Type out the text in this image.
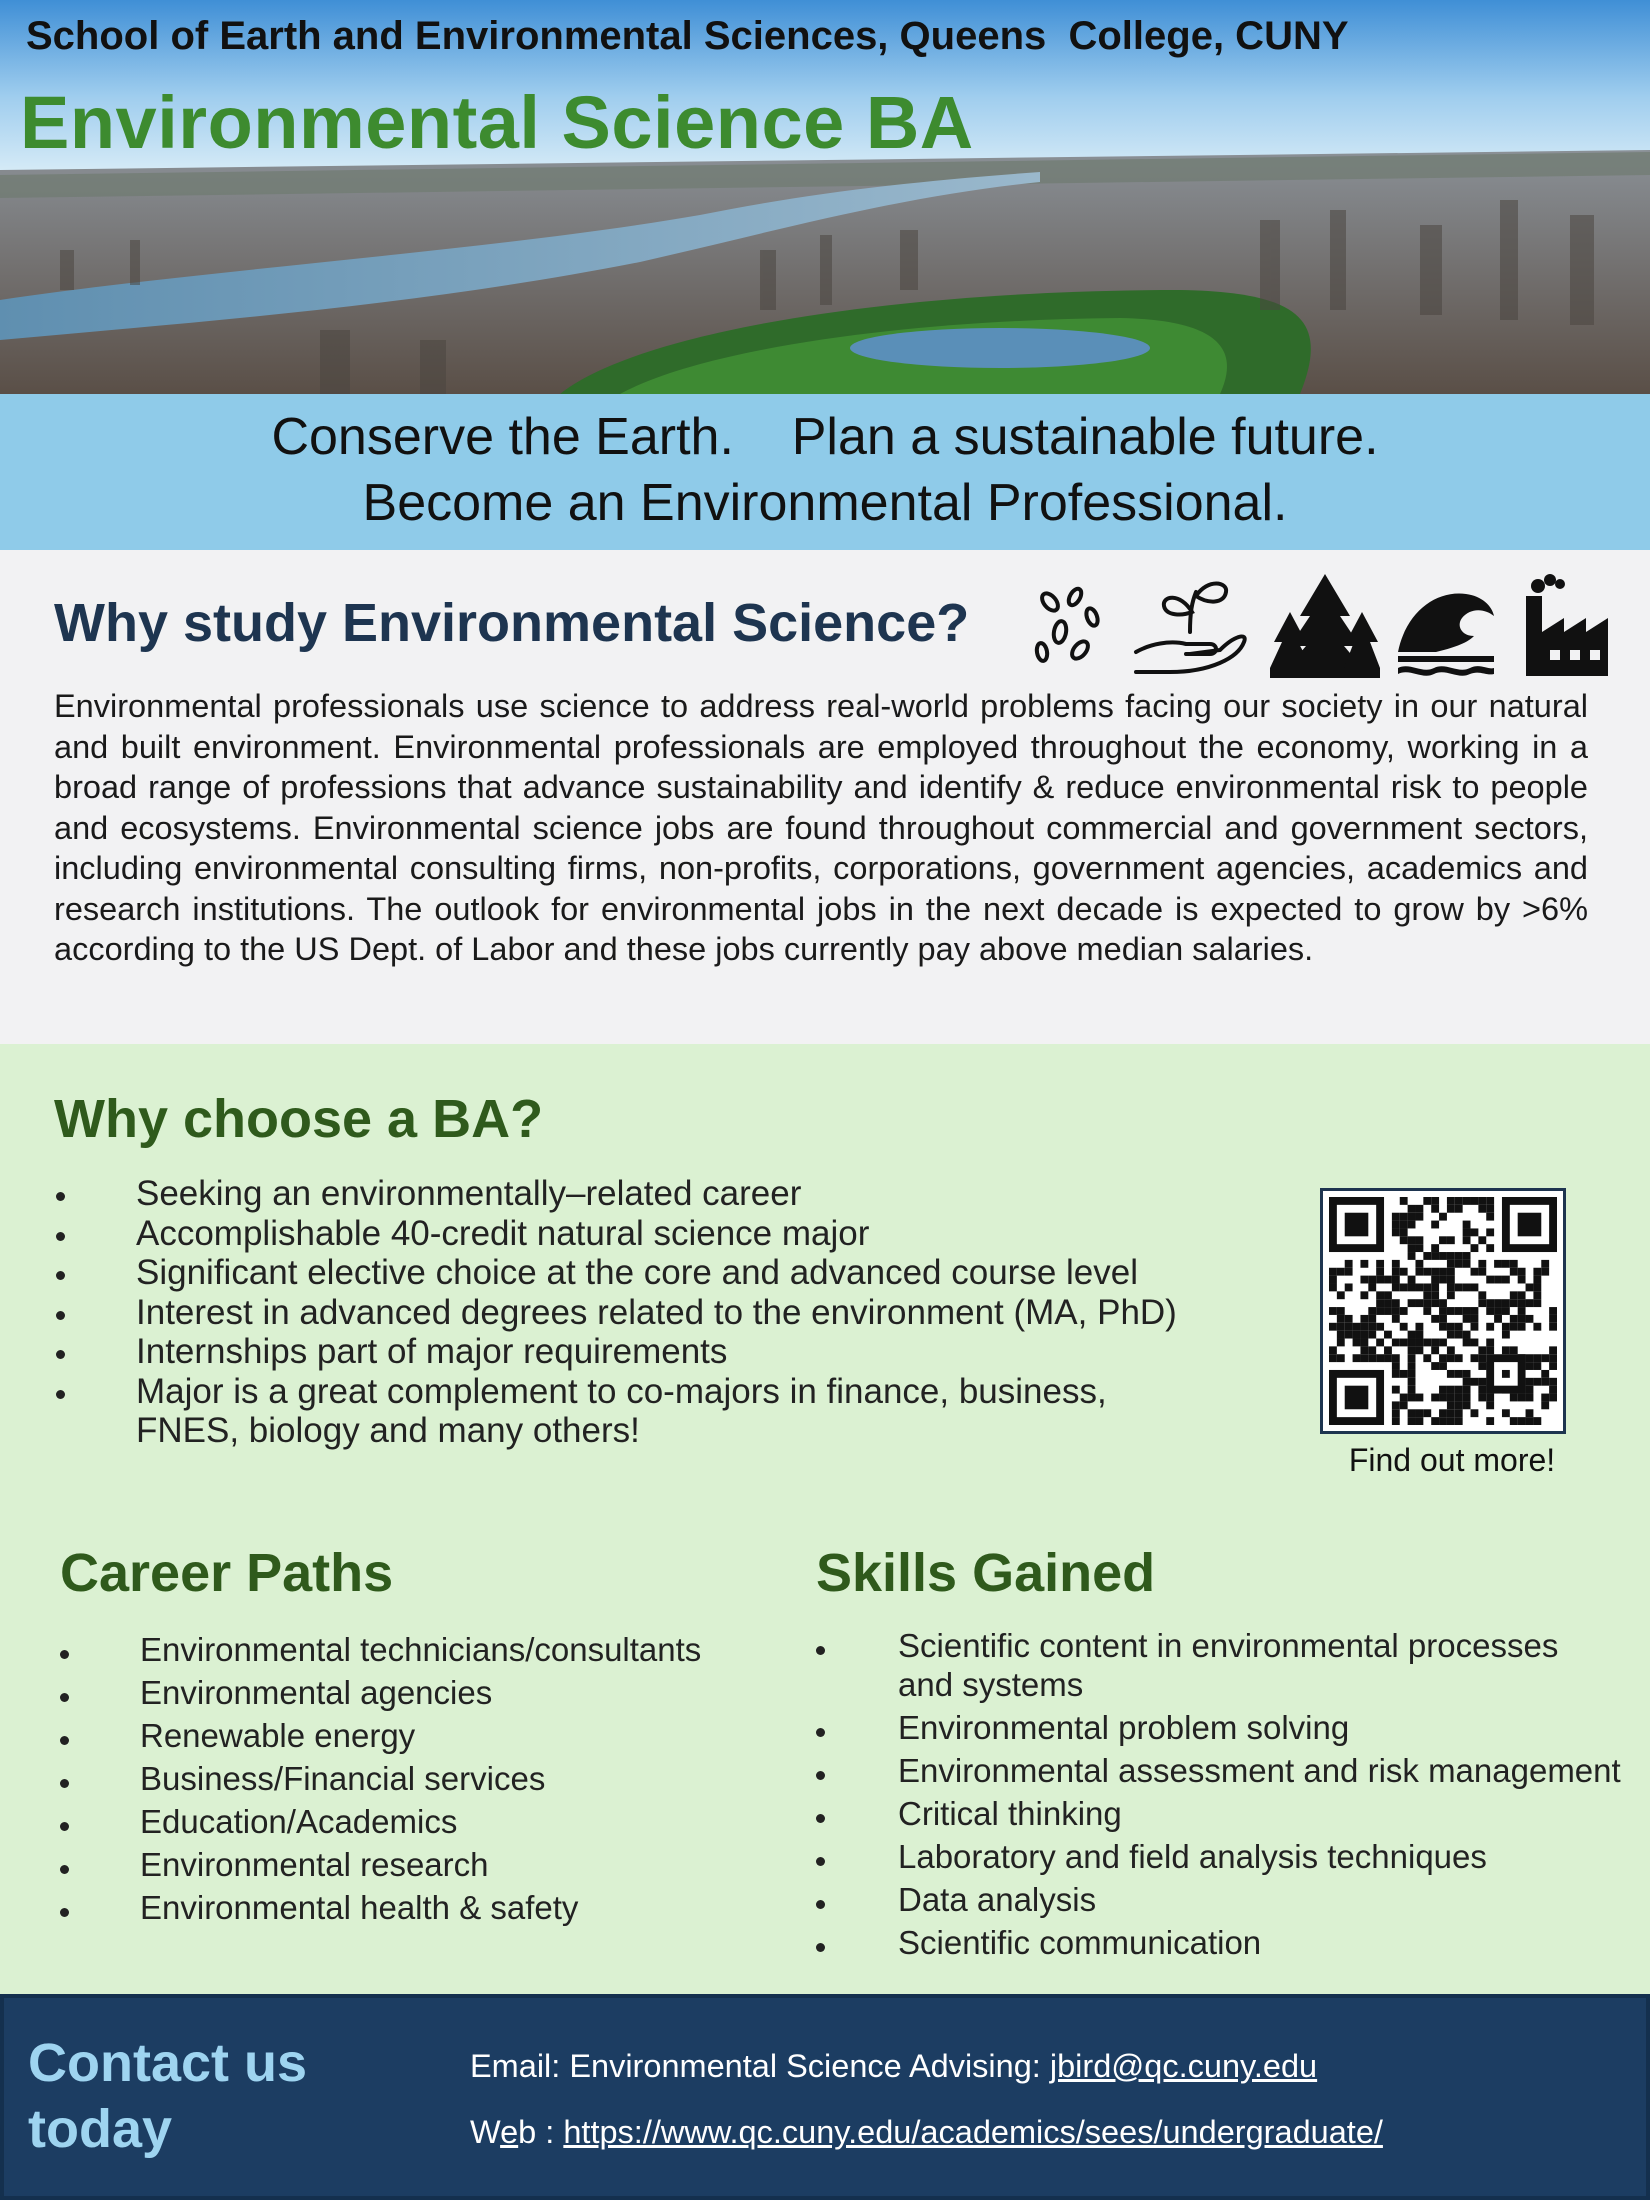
School of Earth and Environmental Sciences, Queens  College, CUNY
Environmental Science BA
Conserve the Earth.    Plan a sustainable future.
Become an Environmental Professional.
Why study Environmental Science?

Environmental professionals use science to address real-world problems facing our society in our natural and built environment. Environmental professionals are employed throughout the economy, working in a broad range of professions that advance sustainability and identify & reduce environmental risk to people and ecosystems. Environmental science jobs are found throughout commercial and government sectors, including environmental consulting firms, non-profits, corporations, government agencies, academics and research institutions. The outlook for environmental jobs in the next decade is expected to grow by >6% according to the US Dept. of Labor and these jobs currently pay above median salaries.

Why choose a BA?
Seeking an environmentally–related career
Accomplishable 40-credit natural science major
Significant elective choice at the core and advanced course level
Interest in advanced degrees related to the environment (MA, PhD)
Internships part of major requirements
Major is a great complement to co-majors in finance, business,
FNES, biology and many others!
Find out more!
Career Paths
Environmental technicians/consultants
Environmental agencies
Renewable energy
Business/Financial services
Education/Academics
Environmental research
Environmental health & safety
Skills Gained
Scientific content in environmental processes
and systems
Environmental problem solving
Environmental assessment and risk management
Critical thinking
Laboratory and field analysis techniques
Data analysis
Scientific communication
Contact us
today
Email: Environmental Science Advising: jbird@qc.cuny.edu
Web : https://www.qc.cuny.edu/academics/sees/undergraduate/
